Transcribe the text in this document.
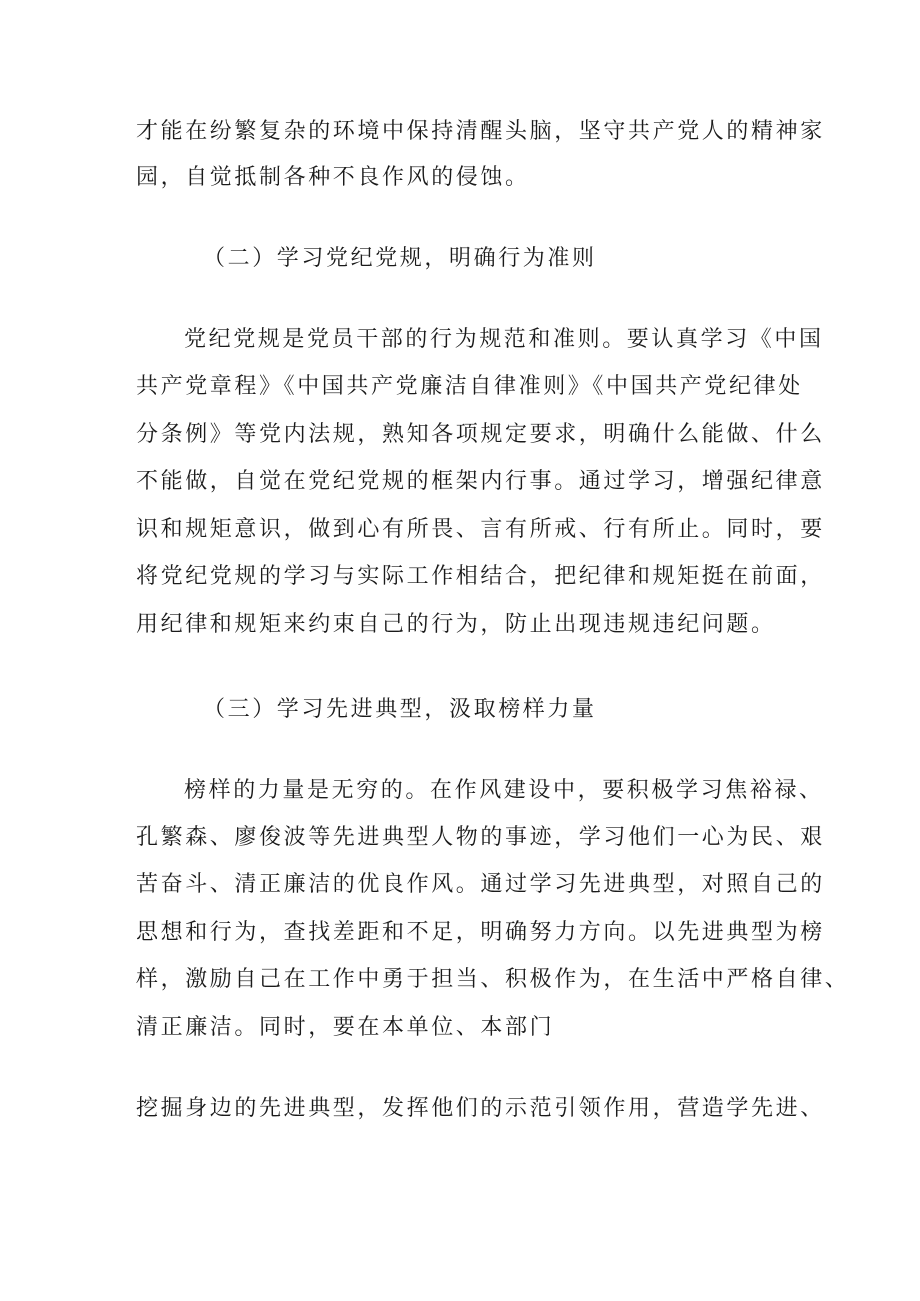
才能在纷繁复杂的环境中保持清醒头脑，坚守共产党人的精神家
园，自觉抵制各种不良作风的侵蚀。
（二）学习党纪党规，明确行为准则
党纪党规是党员干部的行为规范和准则。要认真学习《中国
共产党章程》《中国共产党廉洁自律准则》《中国共产党纪律处
分条例》等党内法规，熟知各项规定要求，明确什么能做、什么
不能做，自觉在党纪党规的框架内行事。通过学习，增强纪律意
识和规矩意识，做到心有所畏、言有所戒、行有所止。同时，要
将党纪党规的学习与实际工作相结合，把纪律和规矩挺在前面，
用纪律和规矩来约束自己的行为，防止出现违规违纪问题。
（三）学习先进典型，汲取榜样力量
榜样的力量是无穷的。在作风建设中，要积极学习焦裕禄、
孔繁森、廖俊波等先进典型人物的事迹，学习他们一心为民、艰
苦奋斗、清正廉洁的优良作风。通过学习先进典型，对照自己的
思想和行为，查找差距和不足，明确努力方向。以先进典型为榜
样，激励自己在工作中勇于担当、积极作为，在生活中严格自律、
清正廉洁。同时，要在本单位、本部门
挖掘身边的先进典型，发挥他们的示范引领作用，营造学先进、
